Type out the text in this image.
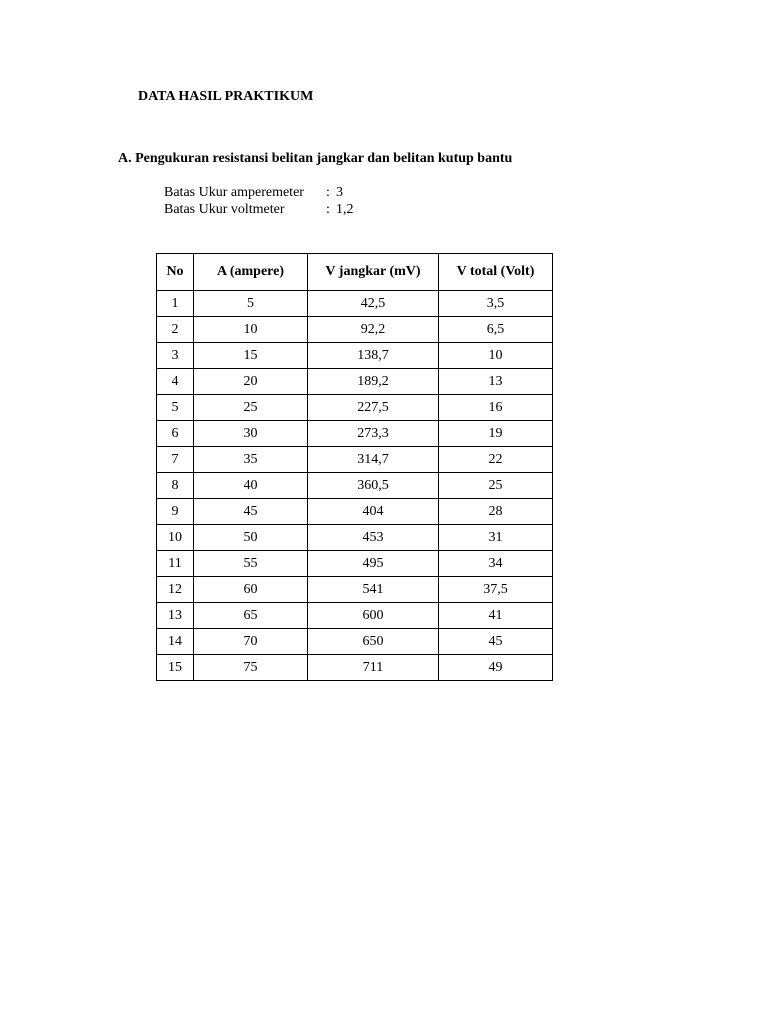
DATA HASIL PRAKTIKUM
A. Pengukuran resistansi belitan jangkar dan belitan kutup bantu
Batas Ukur amperemeter	: 3
Batas Ukur voltmeter	: 1,2
No	A (ampere)	V jangkar (mV)	V total (Volt)
1	5	42,5	3,5
2	10	92,2	6,5
3	15	138,7	10
4	20	189,2	13
5	25	227,5	16
6	30	273,3	19
7	35	314,7	22
8	40	360,5	25
9	45	404	28
10	50	453	31
11	55	495	34
12	60	541	37,5
13	65	600	41
14	70	650	45
15	75	711	49
